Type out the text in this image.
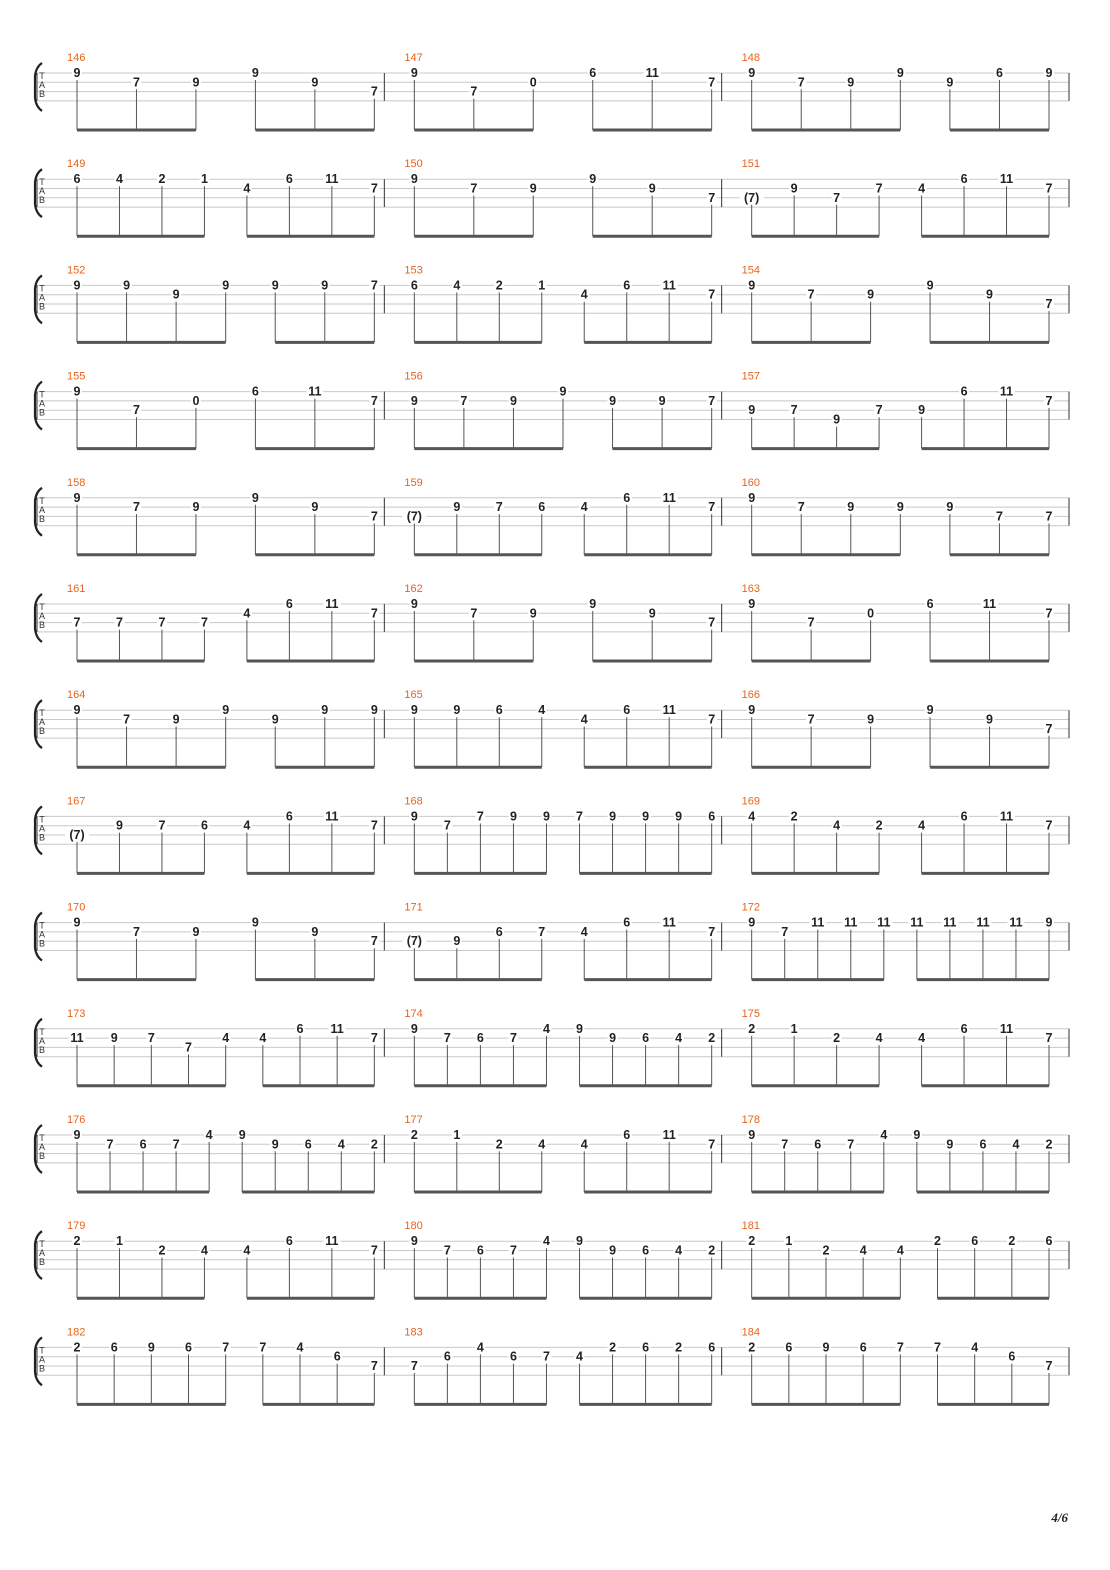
T
A
B
146
9
7	9
9
9
7
147
9
7
0
6	11
7
148
9
7	9
9
9
6	9
T
A
B
149
6	4	2	1
4
6	11
7
150
9
7	9
9
9
7
151
(7)
9
7
7	4
6	11
7
T
A
B
152
9	9
9
9	9	9	7
153
6	4	2	1
4
6	11
7
154
9
7	9
9
9
7
T
A
B
155
9
7
0
6	11
7
156
9	7	9
9
9	9	7
157
9	7
9
7	9
6	11
7
T
A
B
158
9
7	9
9
9
7
159
(7)
9	7	6	4
6	11
7
160
9
7	9	9	9
7	7
T
A
B
161
7	7	7	7
4
6	11
7
162
9
7	9
9
9
7
163
9
7
0
6	11
7
T
A
B
164
9
7	9
9
9
9	9
165
9	9	6	4
4
6	11
7
166
9
7	9
9
9
7
T
A
B
167
(7)
9	7	6	4
6	11
7
168
9
7
7 9 9 7 9 9 9 6
169
4	2
4	2	4
6	11
7
T
A
B
170
9
7	9
9
9
7
171
(7)	9
6	7	4
6	11
7
172
9
7
11 11 11 11 11 11 11 9
T
A
B
173
11 9 7
7
4 4
6 11
7
174
9
7 6 7
4 9
9 6 4 2
175
2	1
2	4	4
6	11
7
T
A
B
176
9
7 6 7
4 9
9 6 4 2
177
2	1
2	4	4
6	11
7
178
9
7 6 7
4 9
9 6 4 2
T
A
B
179
2	1
2	4	4
6	11
7
180
9
7 6 7
4 9
9 6 4 2
181
2 1
2 4 4
2 6 2 6
T
A
B
182
2 6 9 6 7 7 4
6
7
183
7
6
4
6 7 4
2 6 2 6
184
2 6 9 6 7 7 4
6
7
4/6
